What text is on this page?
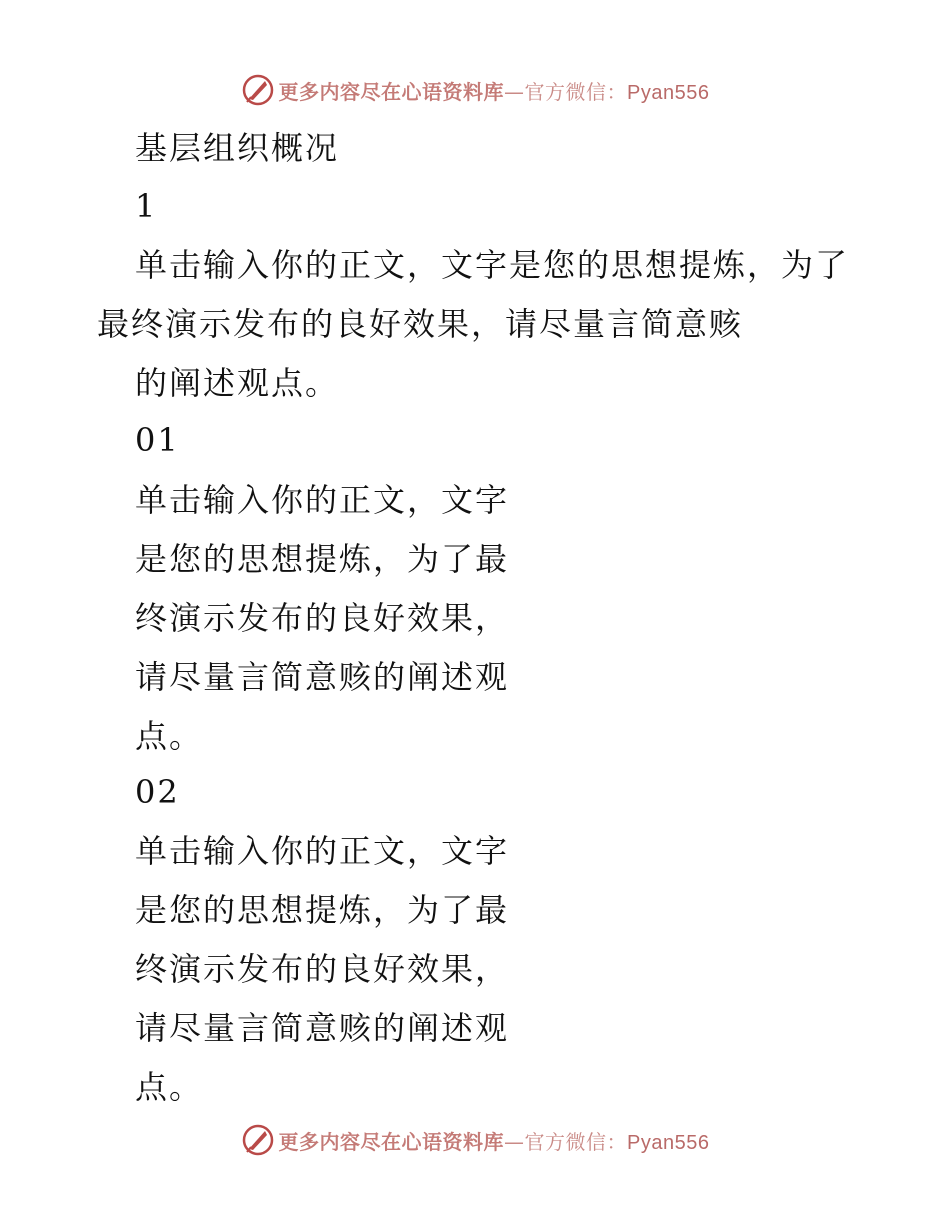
更多内容尽在心语资料库—官方微信：Pyan556
基层组织概况
1
单击输入你的正文，文字是您的思想提炼，为了
最终演示发布的良好效果，请尽量言简意赅
的阐述观点。
01
单击输入你的正文，文字
是您的思想提炼，为了最
终演示发布的良好效果，
请尽量言简意赅的阐述观
点。
02
单击输入你的正文，文字
是您的思想提炼，为了最
终演示发布的良好效果，
请尽量言简意赅的阐述观
点。
更多内容尽在心语资料库—官方微信：Pyan556
